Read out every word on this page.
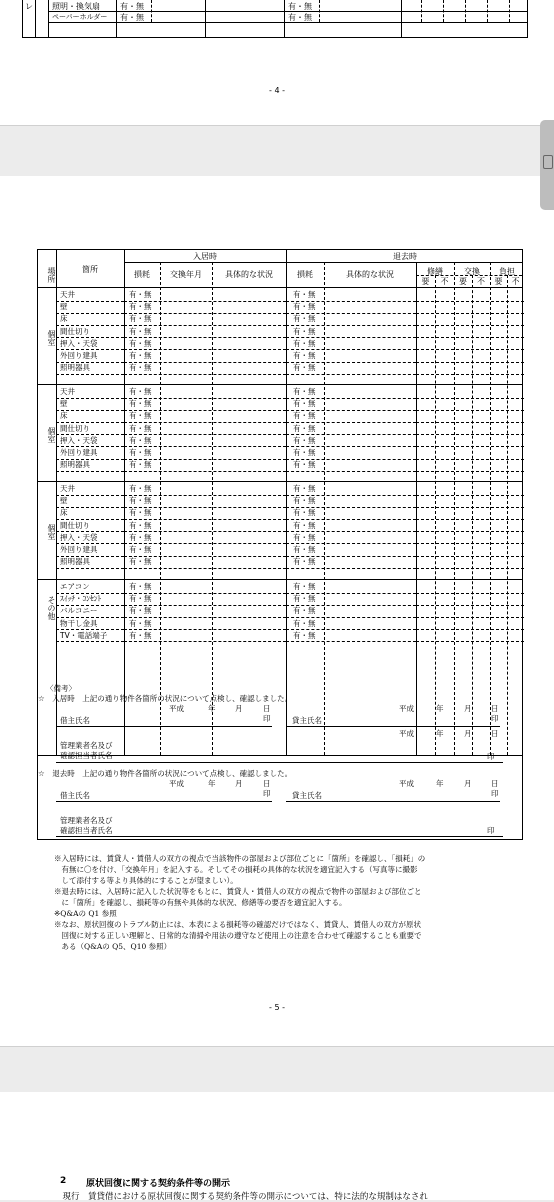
レ 照明・換気扇	有・無	有・無
ペーパーホルダー 有・無	有・無
- 4 -
場所	箇所
入居時	退去時
損耗	交換年月	具体的な状況	損耗	具体的な状況	修繕	交換	負担
要	不	要	不	要	不
個室
天井	有・無	有・無
壁	有・無	有・無
床	有・無	有・無
間仕切り	有・無	有・無
押入・天袋	有・無	有・無
外回り建具	有・無	有・無
照明器具	有・無	有・無
個室
天井	有・無	有・無
壁	有・無	有・無
床	有・無	有・無
間仕切り	有・無	有・無
押入・天袋	有・無	有・無
外回り建具	有・無	有・無
照明器具	有・無	有・無
個室
天井	有・無	有・無
壁	有・無	有・無
床	有・無	有・無
間仕切り	有・無	有・無
押入・天袋	有・無	有・無
外回り建具	有・無	有・無
照明器具	有・無	有・無
その他
エアコン	有・無	有・無
ｽｲｯﾁ・ｺﾝｾﾝﾄ	有・無	有・無
バルコニー	有・無	有・無
物干し金具	有・無	有・無
TV・電話端子	有・無	有・無
〈備考〉
☆　入居時　上記の通り物件各箇所の状況について点検し、確認しました。
平成	年	月	日
借主氏名	印
平成	年	月	日
貸主氏名	印
平成	年	月	日
管理業者名及び
確認担当者氏名	印
☆　退去時　上記の通り物件各箇所の状況について点検し、確認しました。
平成	年	月	日
借主氏名	印
平成	年	月	日
貸主氏名	印
管理業者名及び
確認担当者氏名	印
※入居時には、賃貸人・賃借人の双方の視点で当該物件の部屋および部位ごとに「箇所」を確認し、「損耗」の
　有無に〇を付け、「交換年月」を記入する。そしてその損耗の具体的な状況を適宜記入する（写真等に撮影
　して添付する等より具体的にすることが望ましい）。
※退去時には、入居時に記入した状況等をもとに、賃貸人・賃借人の双方の視点で物件の部屋および部位ごと
　に「箇所」を確認し、損耗等の有無や具体的な状況、修繕等の要否を適宜記入する。
※Q&Aの Q1 参照
※なお、原状回復のトラブル防止には、本表による損耗等の確認だけではなく、賃貸人、賃借人の双方が原状
　回復に対する正しい理解と、日常的な清掃や用法の遵守など使用上の注意を合わせて確認することも重要で
　ある（Q&Aの Q5、Q10 参照）
- 5 -
2 原状回復に関する契約条件等の開示
　現行　賃貸借における原状回復に関する契約条件等の開示については、特に法的な規制はなされ
